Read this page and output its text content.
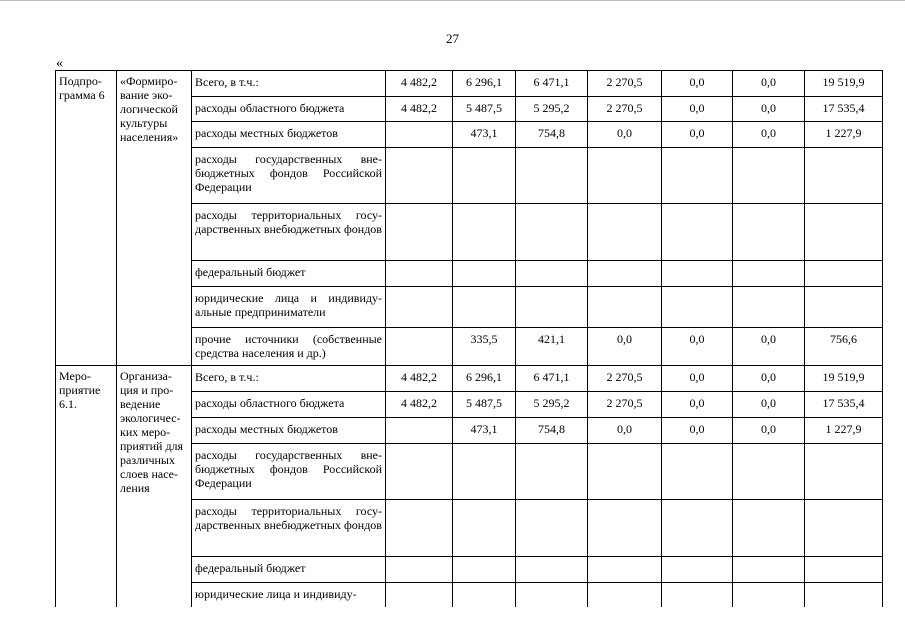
27
«
Подпро-грамма 6	«Формиро-вание эко-логической культуры населения»	Всего, в т.ч.:	4 482,2	6 296,1	6 471,1	2 270,5	0,0	0,0	19 519,9
		расходы областного бюджета	4 482,2	5 487,5	5 295,2	2 270,5	0,0	0,0	17 535,4
		расходы местных бюджетов		473,1	754,8	0,0	0,0	0,0	1 227,9
		расходы государственных вне-бюджетных фондов Российской Федерации							
		расходы территориальных госу-дарственных внебюджетных фондов							
		федеральный бюджет							
		юридические лица и индивиду-альные предприниматели							
		прочие источники (собственные средства населения и др.)		335,5	421,1	0,0	0,0	0,0	756,6
Меро-приятие 6.1.	Организа-ция и про-ведение экологичес-ких меро-приятий для различных слоев насе-ления	Всего, в т.ч.:	4 482,2	6 296,1	6 471,1	2 270,5	0,0	0,0	19 519,9
		расходы областного бюджета	4 482,2	5 487,5	5 295,2	2 270,5	0,0	0,0	17 535,4
		расходы местных бюджетов		473,1	754,8	0,0	0,0	0,0	1 227,9
		расходы государственных вне-бюджетных фондов Российской Федерации							
		расходы территориальных госу-дарственных внебюджетных фондов							
		федеральный бюджет							
		юридические лица и индивиду-							
